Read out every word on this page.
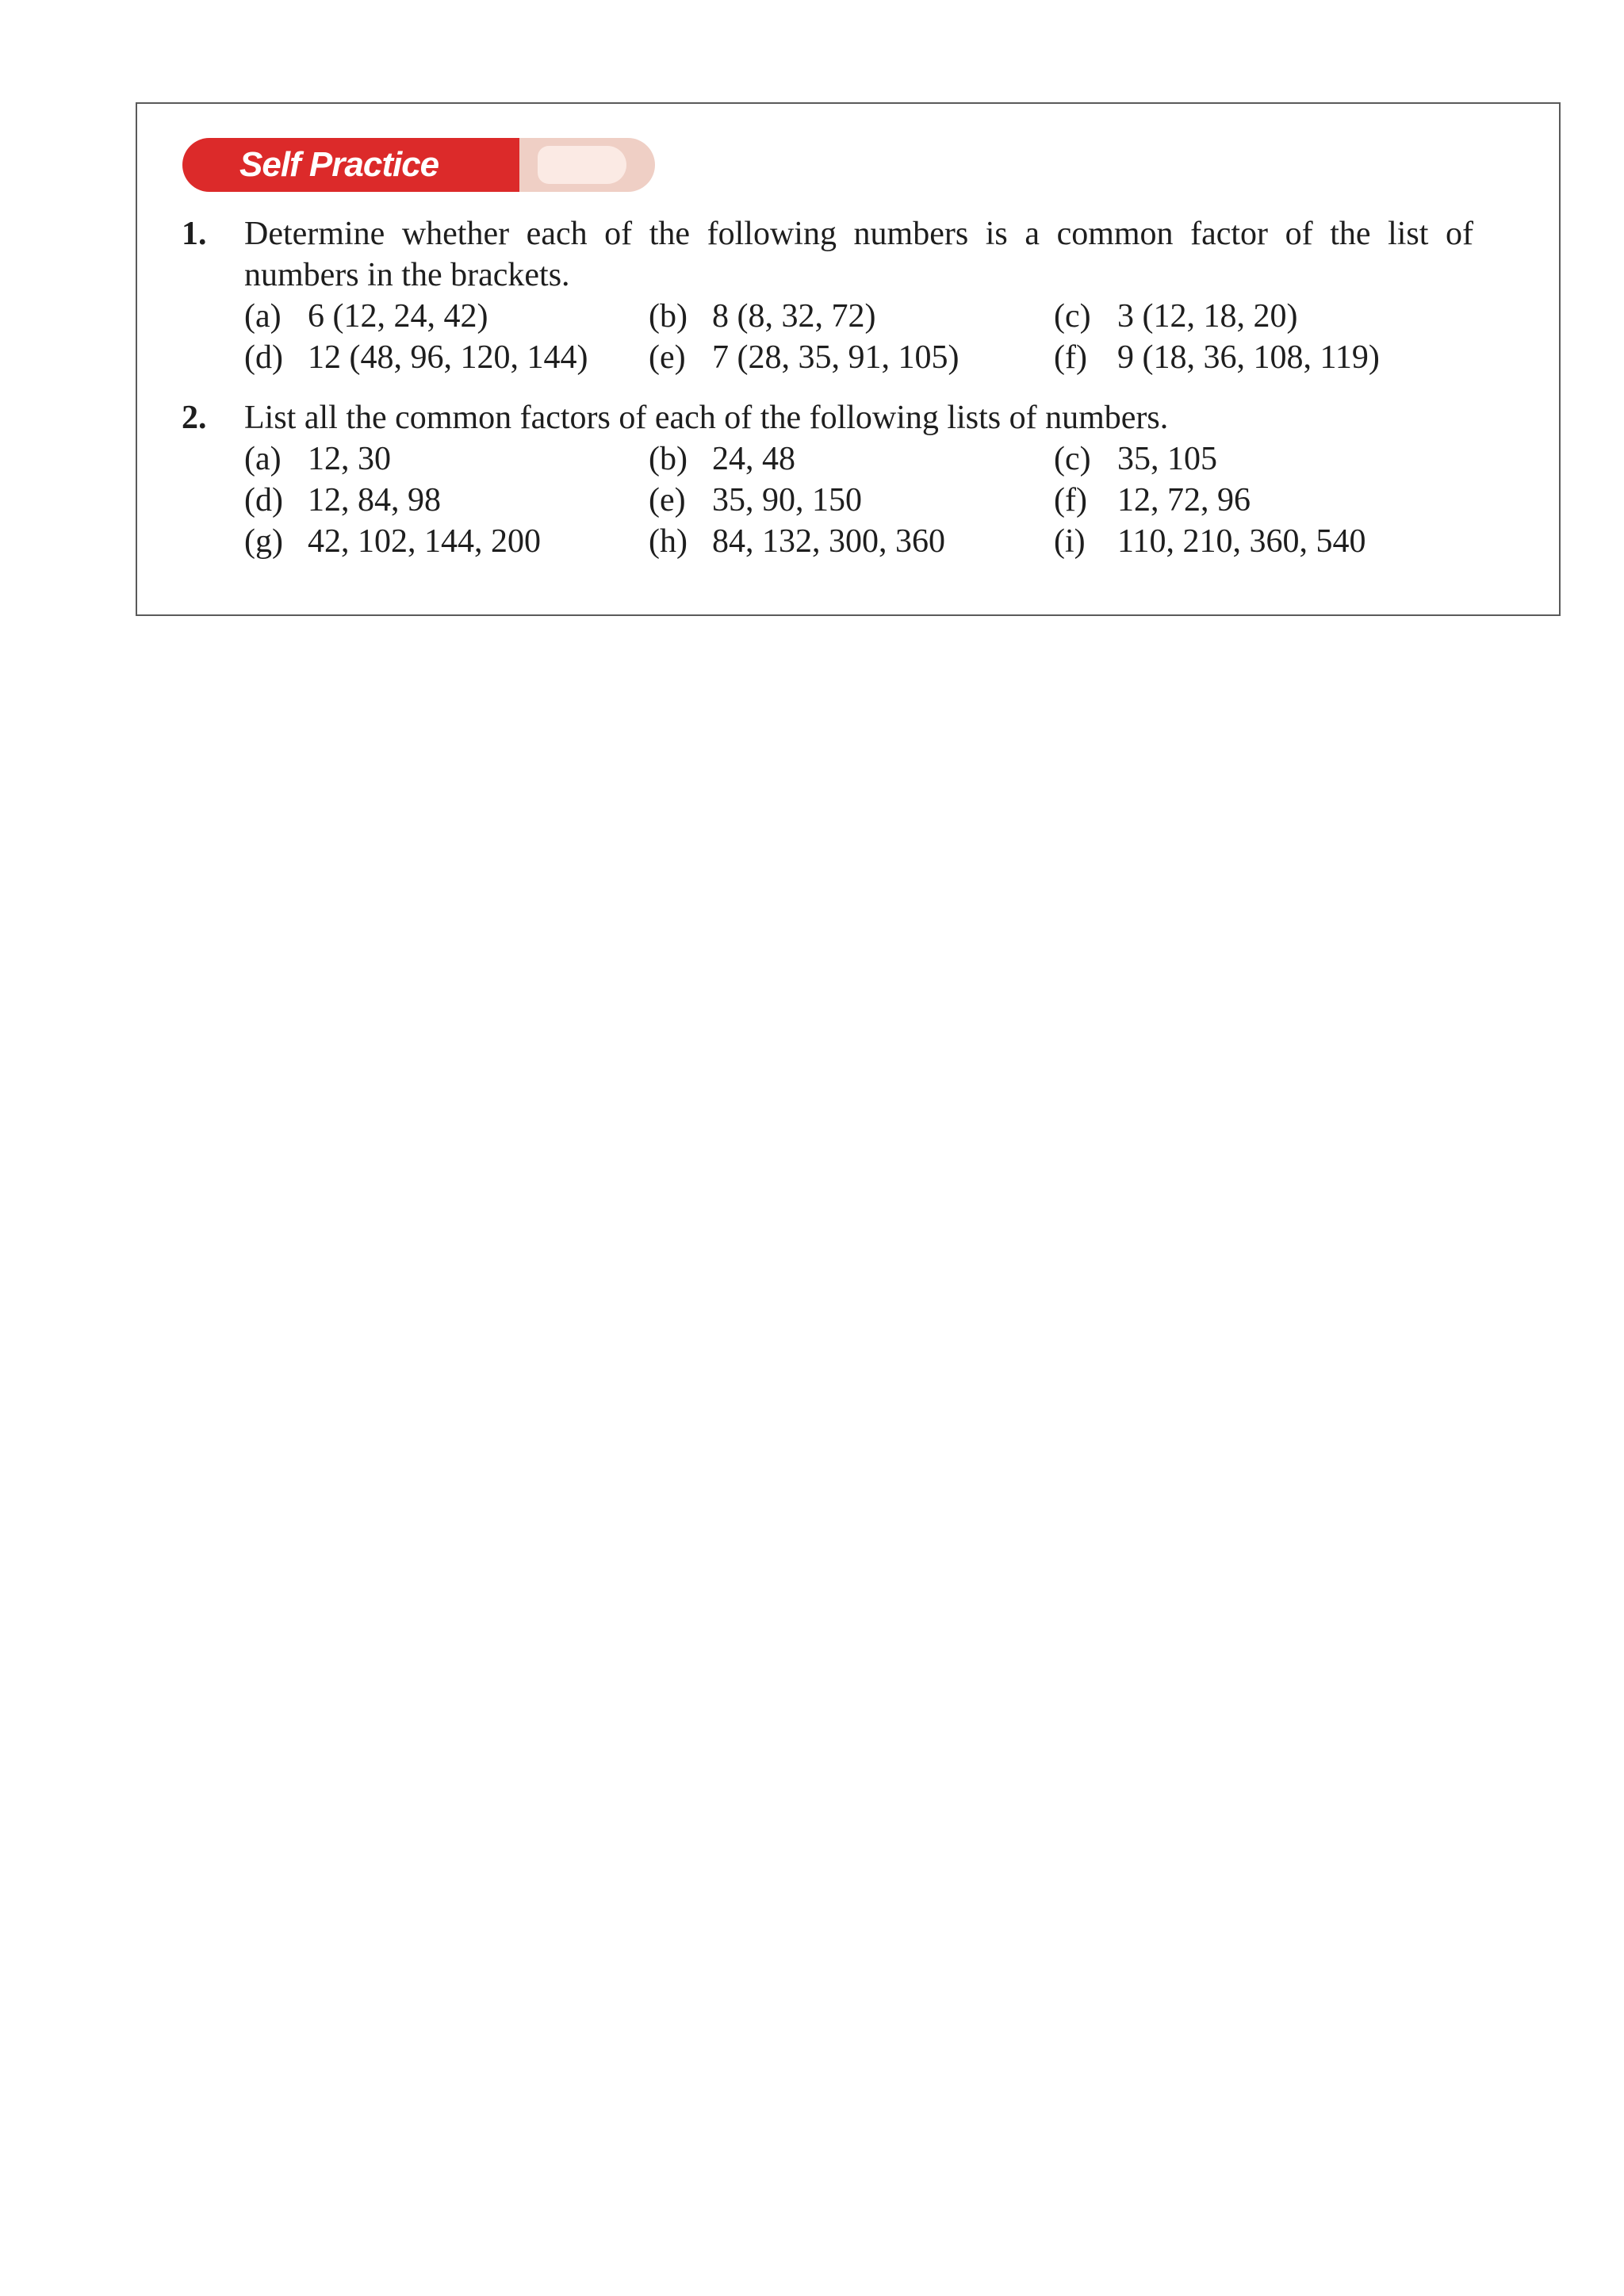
Self Practice
1. Determine whether each of the following numbers is a common factor of the list of
numbers in the brackets.
(a) 6 (12, 24, 42)	(b) 8 (8, 32, 72)	(c) 3 (12, 18, 20)
(d) 12 (48, 96, 120, 144) (e) 7 (28, 35, 91, 105)	(f) 9 (18, 36, 108, 119)
2. List all the common factors of each of the following lists of numbers.
(a) 12, 30	(b) 24, 48	(c) 35, 105
(d) 12, 84, 98	(e) 35, 90, 150	(f) 12, 72, 96
(g) 42, 102, 144, 200	(h) 84, 132, 300, 360	(i) 110, 210, 360, 540
